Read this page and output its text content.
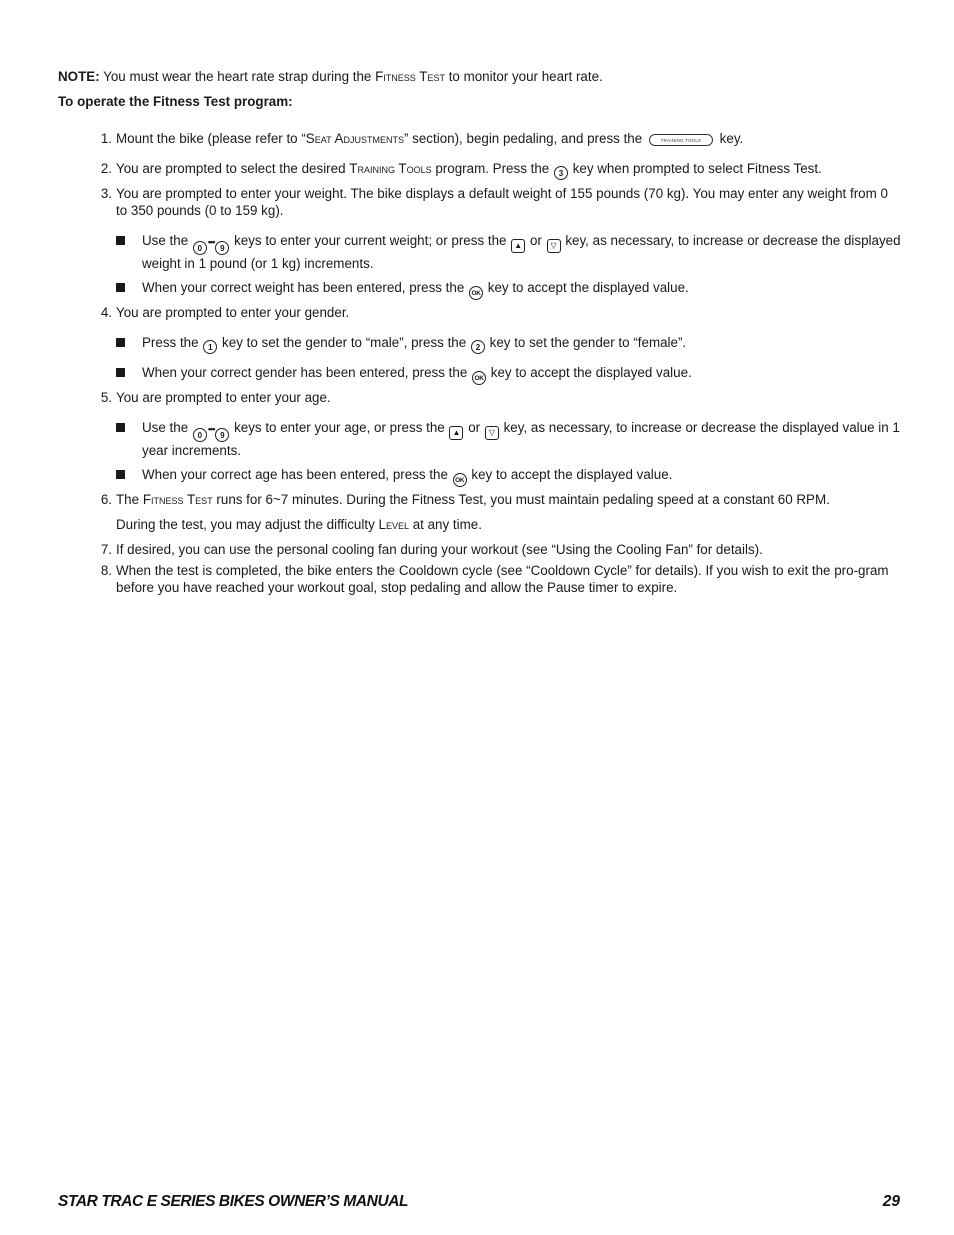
NOTE: You must wear the heart rate strap during the Fitness Test to monitor your heart rate.
To operate the Fitness Test program:
1. Mount the bike (please refer to “Seat Adjustments” section), begin pedaling, and press the	TRAINING TOOLS key.
2. You are prompted to select the desired Training Tools program. Press the 3 key when prompted to select Fitness Test.
3. You are prompted to enter your weight. The bike displays a default weight of 155 pounds (70 kg). You may enter any weight from 0 to 350 pounds (0 to 159 kg).
Use the 0•••9 keys to enter your current weight; or press the ▲ or ▽ key, as necessary, to increase or decrease the displayed weight in 1 pound (or 1 kg) increments.
When your correct weight has been entered, press the OK key to accept the displayed value.
4. You are prompted to enter your gender.
Press the 1 key to set the gender to “male”, press the 2 key to set the gender to “female”.
When your correct gender has been entered, press the OK key to accept the displayed value.
5. You are prompted to enter your age.
Use the 0•••9 keys to enter your age, or press the ▲ or ▽ key, as necessary, to increase or decrease the displayed value in 1 year increments.
When your correct age has been entered, press the OK key to accept the displayed value.
6. The Fitness Test runs for 6~7 minutes. During the Fitness Test, you must maintain pedaling speed at a constant 60 RPM.
During the test, you may adjust the difficulty Level at any time.
7. If desired, you can use the personal cooling fan during your workout (see “Using the Cooling Fan” for details).
8. When the test is completed, the bike enters the Cooldown cycle (see “Cooldown Cycle” for details). If you wish to exit the pro-gram before you have reached your workout goal, stop pedaling and allow the Pause timer to expire.
STAR TRAC E SERIES BIKES OWNER’S MANUAL	29
